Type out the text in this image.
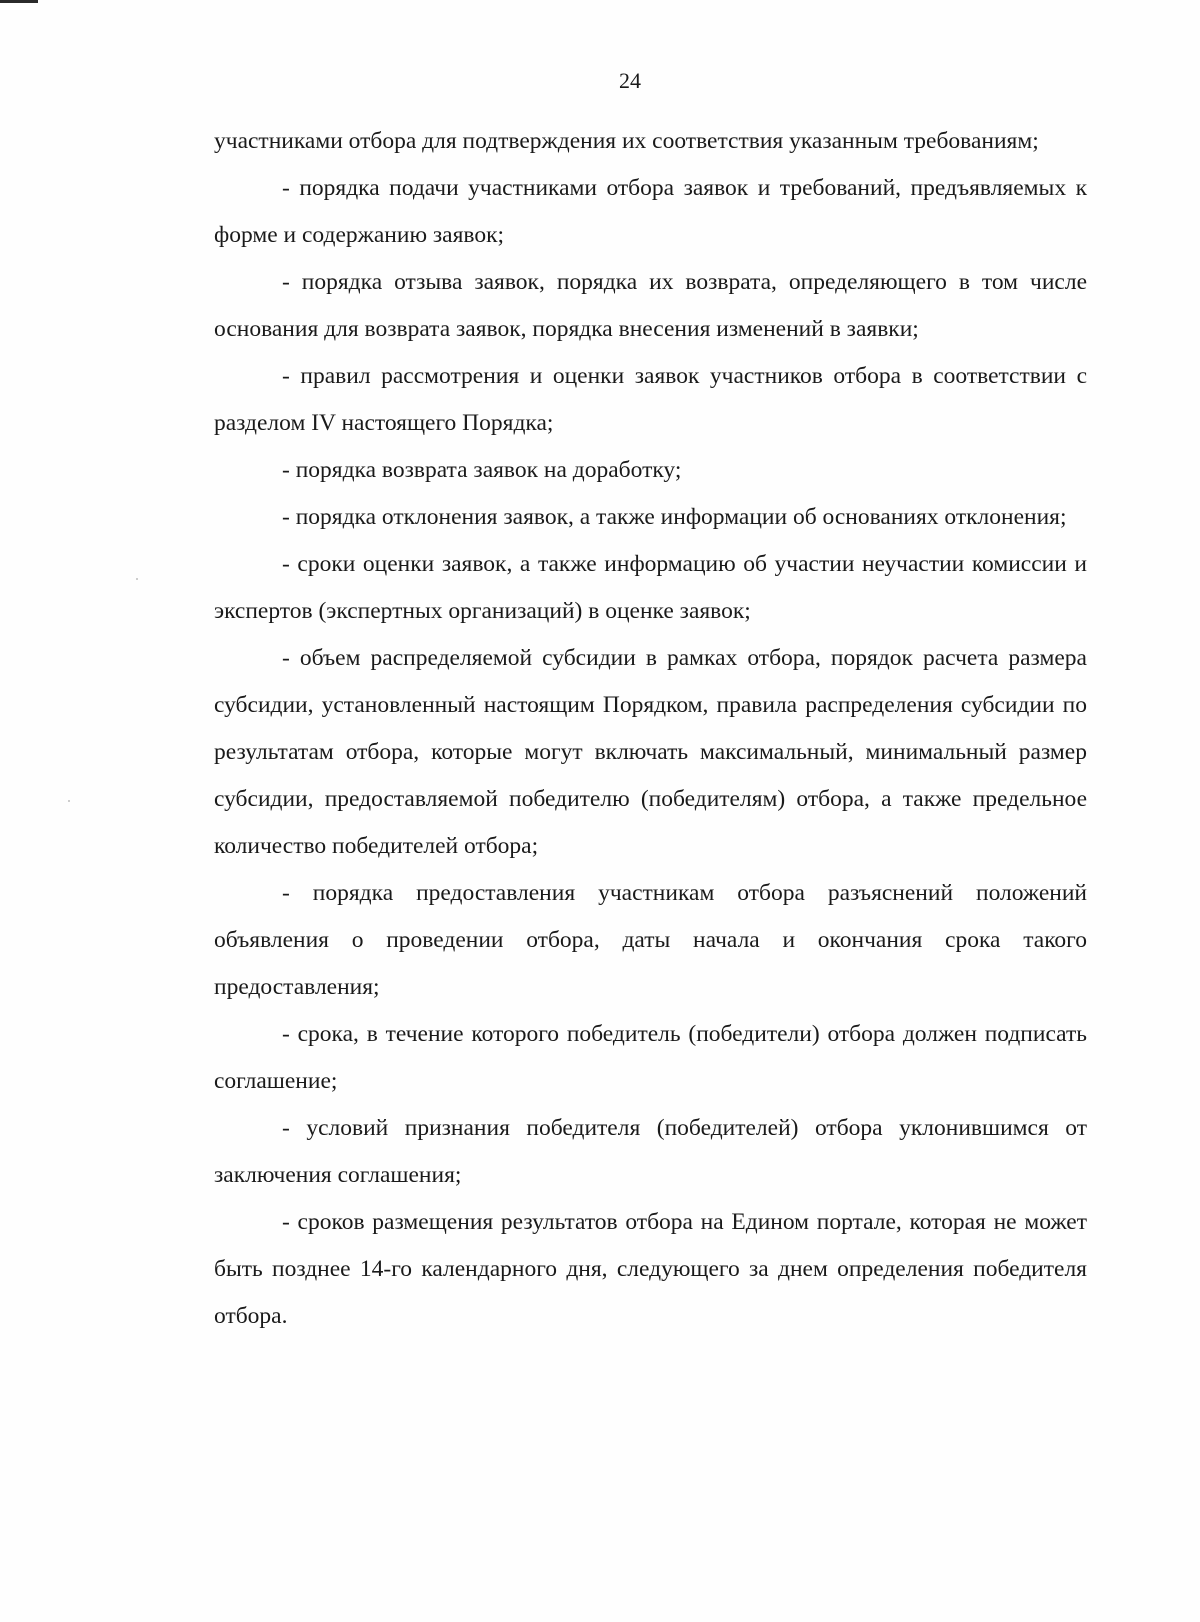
24

участниками отбора для подтверждения их соответствия указанным требованиям;

- порядка подачи участниками отбора заявок и требований, предъявляемых к форме и содержанию заявок;

- порядка отзыва заявок, порядка их возврата, определяющего в том числе основания для возврата заявок, порядка внесения изменений в заявки;

- правил рассмотрения и оценки заявок участников отбора в соответствии с разделом IV настоящего Порядка;

- порядка возврата заявок на доработку;

- порядка отклонения заявок, а также информации об основаниях отклонения;

- сроки оценки заявок, а также информацию об участии неучастии комиссии и экспертов (экспертных организаций) в оценке заявок;

- объем распределяемой субсидии в рамках отбора, порядок расчета размера субсидии, установленный настоящим Порядком, правила распределения субсидии по результатам отбора, которые могут включать максимальный, минимальный размер субсидии, предоставляемой победителю (победителям) отбора, а также предельное количество победителей отбора;

- порядка предоставления участникам отбора разъяснений положений объявления о проведении отбора, даты начала и окончания срока такого предоставления;

- срока, в течение которого победитель (победители) отбора должен подписать соглашение;

- условий признания победителя (победителей) отбора уклонившимся от заключения соглашения;

- сроков размещения результатов отбора на Едином портале, которая не может быть позднее 14-го календарного дня, следующего за днем определения победителя отбора.
